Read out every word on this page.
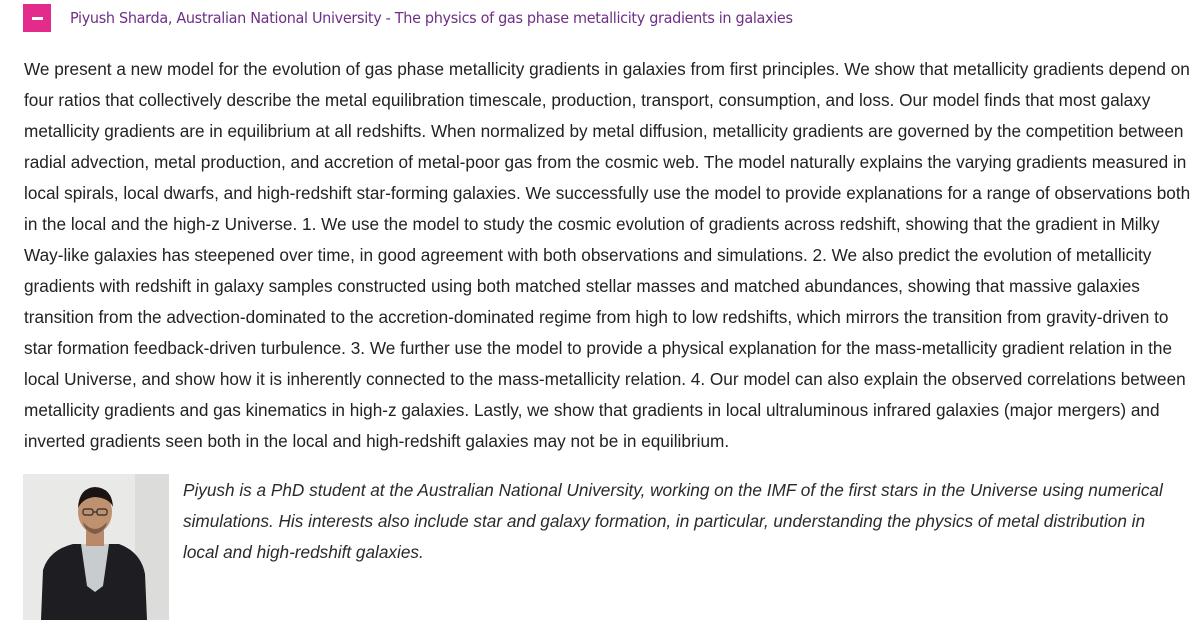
Piyush Sharda, Australian National University - The physics of gas phase metallicity gradients in galaxies

We present a new model for the evolution of gas phase metallicity gradients in galaxies from first principles. We show that metallicity gradients depend on four ratios that collectively describe the metal equilibration timescale, production, transport, consumption, and loss. Our model finds that most galaxy metallicity gradients are in equilibrium at all redshifts. When normalized by metal diffusion, metallicity gradients are governed by the competition between radial advection, metal production, and accretion of metal-poor gas from the cosmic web. The model naturally explains the varying gradients measured in local spirals, local dwarfs, and high-redshift star-forming galaxies. We successfully use the model to provide explanations for a range of observations both in the local and the high-z Universe. 1. We use the model to study the cosmic evolution of gradients across redshift, showing that the gradient in Milky Way-like galaxies has steepened over time, in good agreement with both observations and simulations. 2. We also predict the evolution of metallicity gradients with redshift in galaxy samples constructed using both matched stellar masses and matched abundances, showing that massive galaxies transition from the advection-dominated to the accretion-dominated regime from high to low redshifts, which mirrors the transition from gravity-driven to star formation feedback-driven turbulence. 3. We further use the model to provide a physical explanation for the mass-metallicity gradient relation in the local Universe, and show how it is inherently connected to the mass-metallicity relation. 4. Our model can also explain the observed correlations between metallicity gradients and gas kinematics in high-z galaxies. Lastly, we show that gradients in local ultraluminous infrared galaxies (major mergers) and inverted gradients seen both in the local and high-redshift galaxies may not be in equilibrium.

Piyush is a PhD student at the Australian National University, working on the IMF of the first stars in the Universe using numerical simulations. His interests also include star and galaxy formation, in particular, understanding the physics of metal distribution in local and high-redshift galaxies.
